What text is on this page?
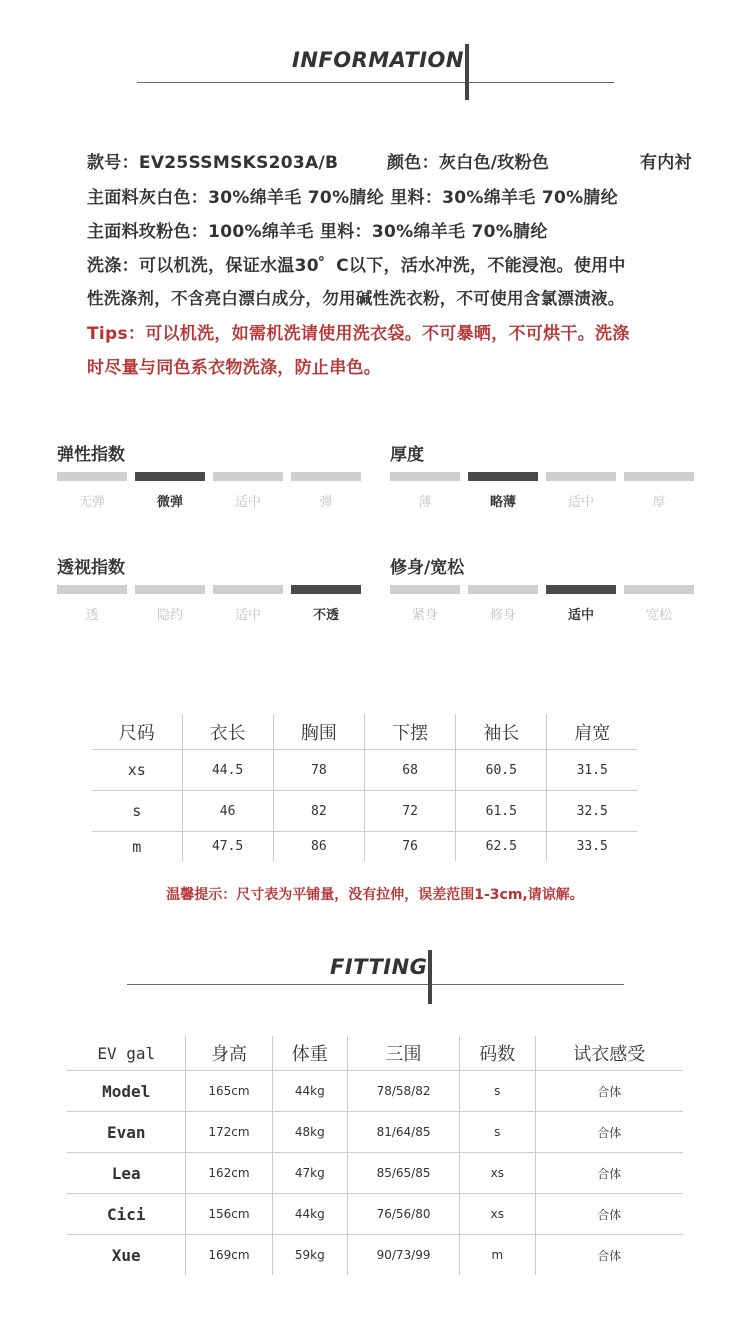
INFORMATION
款号：EV25SSMSKS203A/B	颜色：灰白色/玫粉色	有内衬
主面料灰白色：30%绵羊毛 70%腈纶 里料：30%绵羊毛 70%腈纶
主面料玫粉色：100%绵羊毛 里料：30%绵羊毛 70%腈纶
洗涤：可以机洗，保证水温30゜C以下，活水冲洗，不能浸泡。使用中
性洗涤剂，不含亮白漂白成分，勿用碱性洗衣粉，不可使用含氯漂渍液。
Tips：可以机洗，如需机洗请使用洗衣袋。不可暴晒，不可烘干。洗涤
时尽量与同色系衣物洗涤，防止串色。
弹性指数
无弹	微弹	适中	弹
厚度
薄	略薄	适中	厚
透视指数
透	隐约	适中	不透
修身/宽松
紧身	修身	适中	宽松
尺码	衣长	胸围	下摆	袖长	肩宽
xs	44.5	78	68	60.5	31.5
s	46	82	72	61.5	32.5
m	47.5	86	76	62.5	33.5
温馨提示：尺寸表为平铺量，没有拉伸，误差范围1-3cm,请谅解。
FITTING
EV gal	身高	体重	三围	码数	试衣感受
Model	165cm	44kg	78/58/82	s	合体
Evan	172cm	48kg	81/64/85	s	合体
Lea	162cm	47kg	85/65/85	xs	合体
Cici	156cm	44kg	76/56/80	xs	合体
Xue	169cm	59kg	90/73/99	m	合体
